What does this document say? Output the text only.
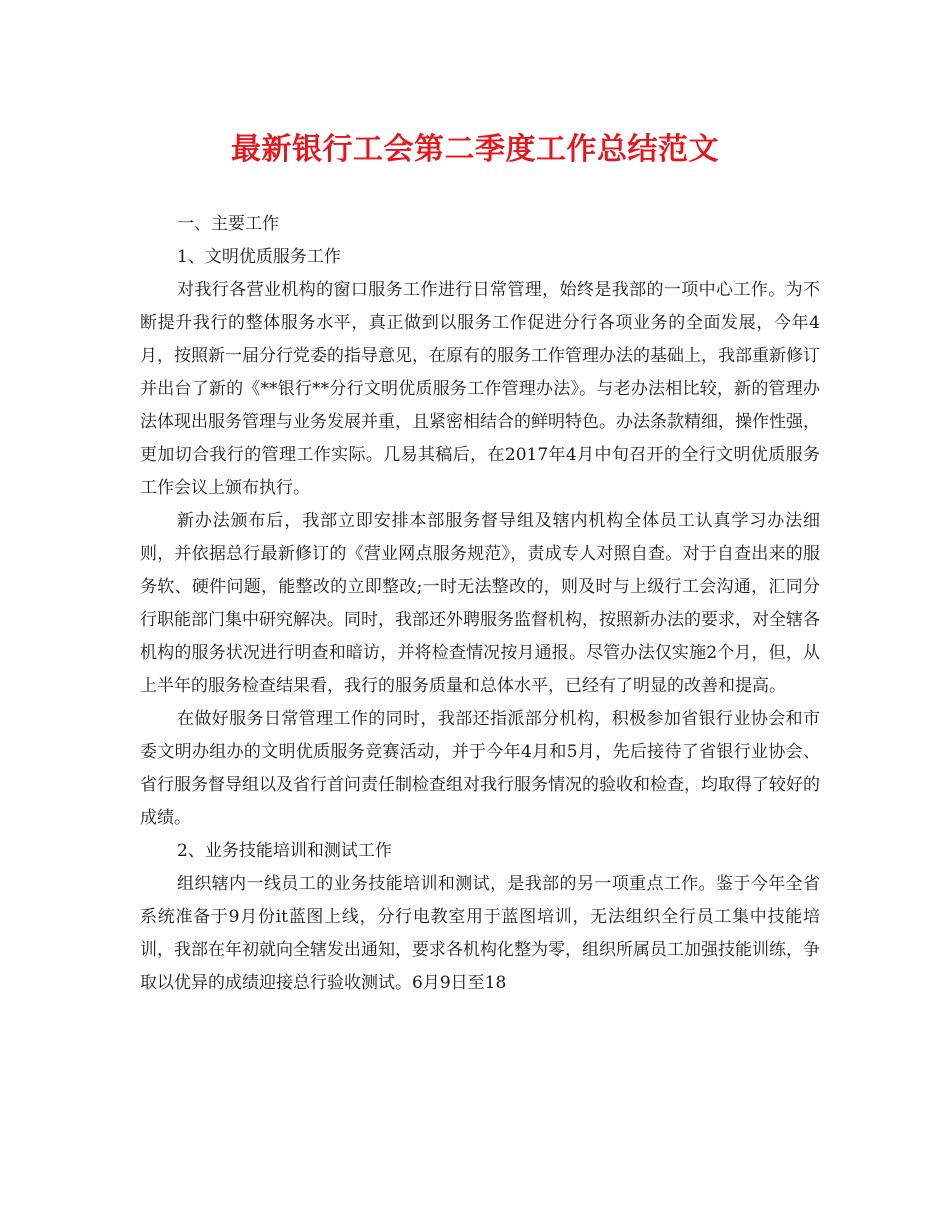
最新银行工会第二季度工作总结范文

一、主要工作

1、文明优质服务工作

对我行各营业机构的窗口服务工作进行日常管理，始终是我部的一项中心工作。为不断提升我行的整体服务水平，真正做到以服务工作促进分行各项业务的全面发展，今年4月，按照新一届分行党委的指导意见，在原有的服务工作管理办法的基础上，我部重新修订并出台了新的《**银行**分行文明优质服务工作管理办法》。与老办法相比较，新的管理办法体现出服务管理与业务发展并重，且紧密相结合的鲜明特色。办法条款精细，操作性强，更加切合我行的管理工作实际。几易其稿后，在2017年4月中旬召开的全行文明优质服务工作会议上颁布执行。

新办法颁布后，我部立即安排本部服务督导组及辖内机构全体员工认真学习办法细则，并依据总行最新修订的《营业网点服务规范》，责成专人对照自查。对于自查出来的服务软、硬件问题，能整改的立即整改;一时无法整改的，则及时与上级行工会沟通，汇同分行职能部门集中研究解决。同时，我部还外聘服务监督机构，按照新办法的要求，对全辖各机构的服务状况进行明查和暗访，并将检查情况按月通报。尽管办法仅实施2个月，但，从上半年的服务检查结果看，我行的服务质量和总体水平，已经有了明显的改善和提高。

在做好服务日常管理工作的同时，我部还指派部分机构，积极参加省银行业协会和市委文明办组办的文明优质服务竞赛活动，并于今年4月和5月，先后接待了省银行业协会、省行服务督导组以及省行首问责任制检查组对我行服务情况的验收和检查，均取得了较好的成绩。

2、业务技能培训和测试工作

组织辖内一线员工的业务技能培训和测试，是我部的另一项重点工作。鉴于今年全省系统准备于9月份it蓝图上线，分行电教室用于蓝图培训，无法组织全行员工集中技能培训，我部在年初就向全辖发出通知，要求各机构化整为零，组织所属员工加强技能训练，争取以优异的成绩迎接总行验收测试。6月9日至18
